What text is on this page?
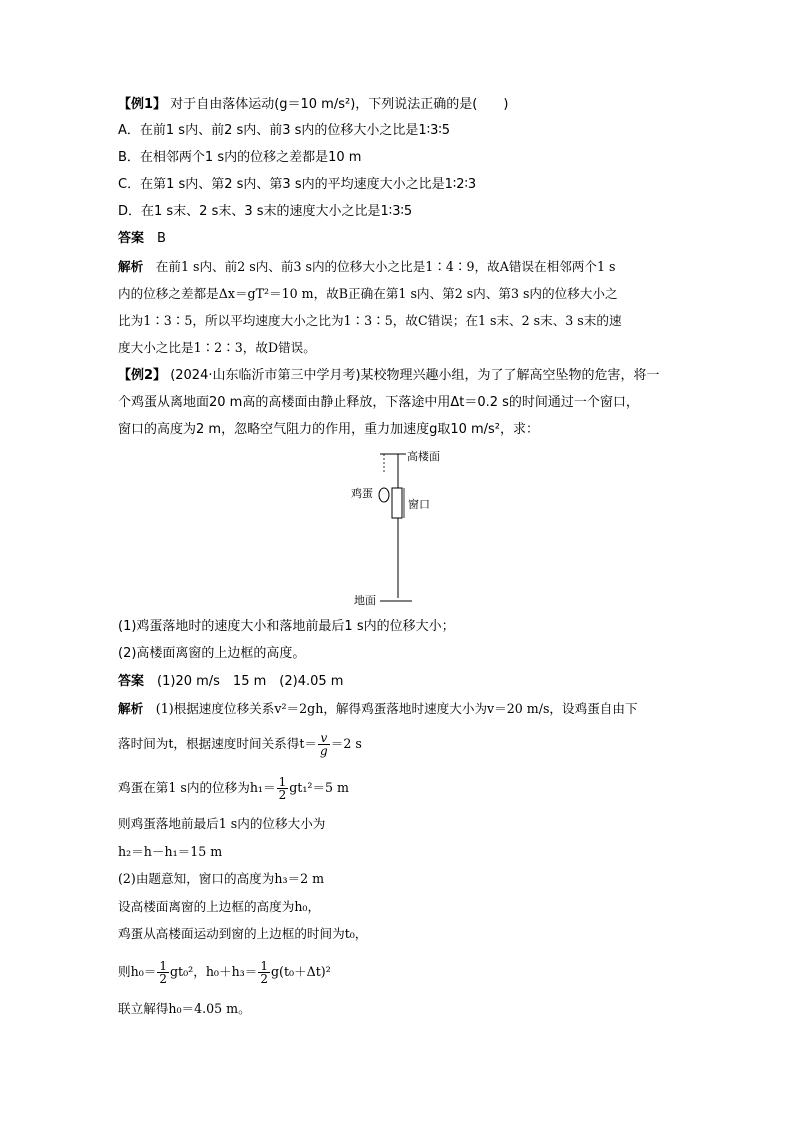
【例1】 对于自由落体运动(g＝10 m/s²)，下列说法正确的是(　　)
A．在前1 s内、前2 s内、前3 s内的位移大小之比是1∶3∶5
B．在相邻两个1 s内的位移之差都是10 m
C．在第1 s内、第2 s内、第3 s内的平均速度大小之比是1∶2∶3
D．在1 s末、2 s末、3 s末的速度大小之比是1∶3∶5
答案　 B
解析　 在前1 s内、前2 s内、前3 s内的位移大小之比是1∶4∶9，故A错误在相邻两个1 s
内的位移之差都是Δx＝gT²＝10 m，故B正确在第1 s内、第2 s内、第3 s内的位移大小之
比为1∶3∶5，所以平均速度大小之比为1∶3∶5，故C错误；在1 s末、2 s末、3 s末的速
度大小之比是1∶2∶3，故D错误。
【例2】 (2024·山东临沂市第三中学月考)某校物理兴趣小组，为了了解高空坠物的危害，将一
个鸡蛋从离地面20 m高的高楼面由静止释放，下落途中用Δt＝0.2 s的时间通过一个窗口，
窗口的高度为2 m，忽略空气阻力的作用，重力加速度g取10 m/s²，求：
高楼面
鸡蛋
窗口
地面
(1)鸡蛋落地时的速度大小和落地前最后1 s内的位移大小；
(2)高楼面离窗的上边框的高度。
答案　 (1)20 m/s　15 m　(2)4.05 m
解析　 (1)根据速度位移关系v²＝2gh，解得鸡蛋落地时速度大小为v＝20 m/s，设鸡蛋自由下
落时间为t，根据速度时间关系得$t= \frac{v}{g} =2$ s
鸡蛋在第1 s内的位移为$h_1= \frac{1}{2} gt_1^2=5$ m
则鸡蛋落地前最后1 s内的位移大小为
h₂＝h－h₁＝15 m
(2)由题意知，窗口的高度为h₃＝2 m
设高楼面离窗的上边框的高度为h₀，
鸡蛋从高楼面运动到窗的上边框的时间为t₀，
则$h_0= \frac{1}{2} gt_0^2$，$h_0+h_3= \frac{1}{2} g(t_0+\Delta t)^2$
联立解得h₀＝4.05 m。
